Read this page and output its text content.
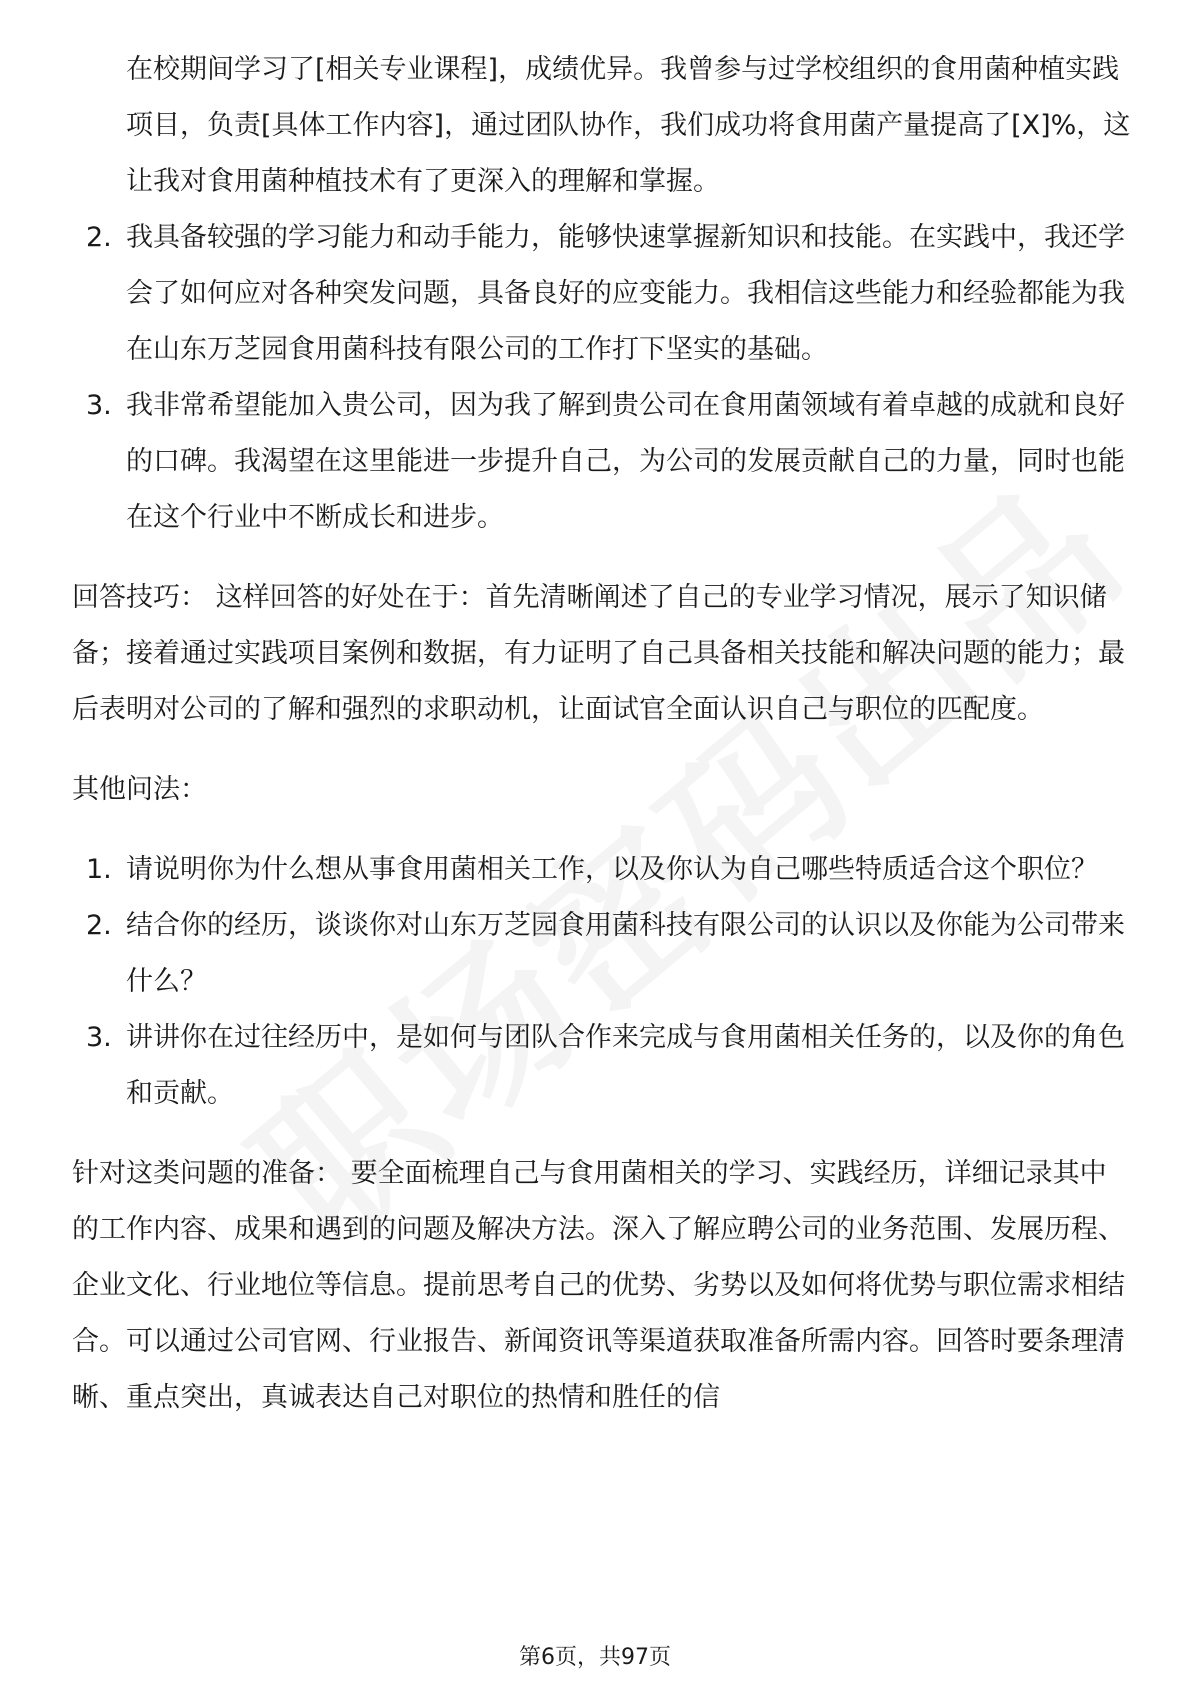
在校期间学习了[相关专业课程]，成绩优异。我曾参与过学校组织的食用菌种植实践项目，负责[具体工作内容]，通过团队协作，我们成功将食用菌产量提高了[X]%，这让我对食用菌种植技术有了更深入的理解和掌握。

2. 我具备较强的学习能力和动手能力，能够快速掌握新知识和技能。在实践中，我还学会了如何应对各种突发问题，具备良好的应变能力。我相信这些能力和经验都能为我在山东万芝园食用菌科技有限公司的工作打下坚实的基础。
3. 我非常希望能加入贵公司，因为我了解到贵公司在食用菌领域有着卓越的成就和良好的口碑。我渴望在这里能进一步提升自己，为公司的发展贡献自己的力量，同时也能在这个行业中不断成长和进步。

回答技巧： 这样回答的好处在于：首先清晰阐述了自己的专业学习情况，展示了知识储备；接着通过实践项目案例和数据，有力证明了自己具备相关技能和解决问题的能力；最后表明对公司的了解和强烈的求职动机，让面试官全面认识自己与职位的匹配度。

其他问法：

1. 请说明你为什么想从事食用菌相关工作，以及你认为自己哪些特质适合这个职位？
2. 结合你的经历，谈谈你对山东万芝园食用菌科技有限公司的认识以及你能为公司带来什么？
3. 讲讲你在过往经历中，是如何与团队合作来完成与食用菌相关任务的，以及你的角色和贡献。

针对这类问题的准备： 要全面梳理自己与食用菌相关的学习、实践经历，详细记录其中的工作内容、成果和遇到的问题及解决方法。深入了解应聘公司的业务范围、发展历程、企业文化、行业地位等信息。提前思考自己的优势、劣势以及如何将优势与职位需求相结合。可以通过公司官网、行业报告、新闻资讯等渠道获取准备所需内容。回答时要条理清晰、重点突出，真诚表达自己对职位的热情和胜任的信

第6页，共97页
